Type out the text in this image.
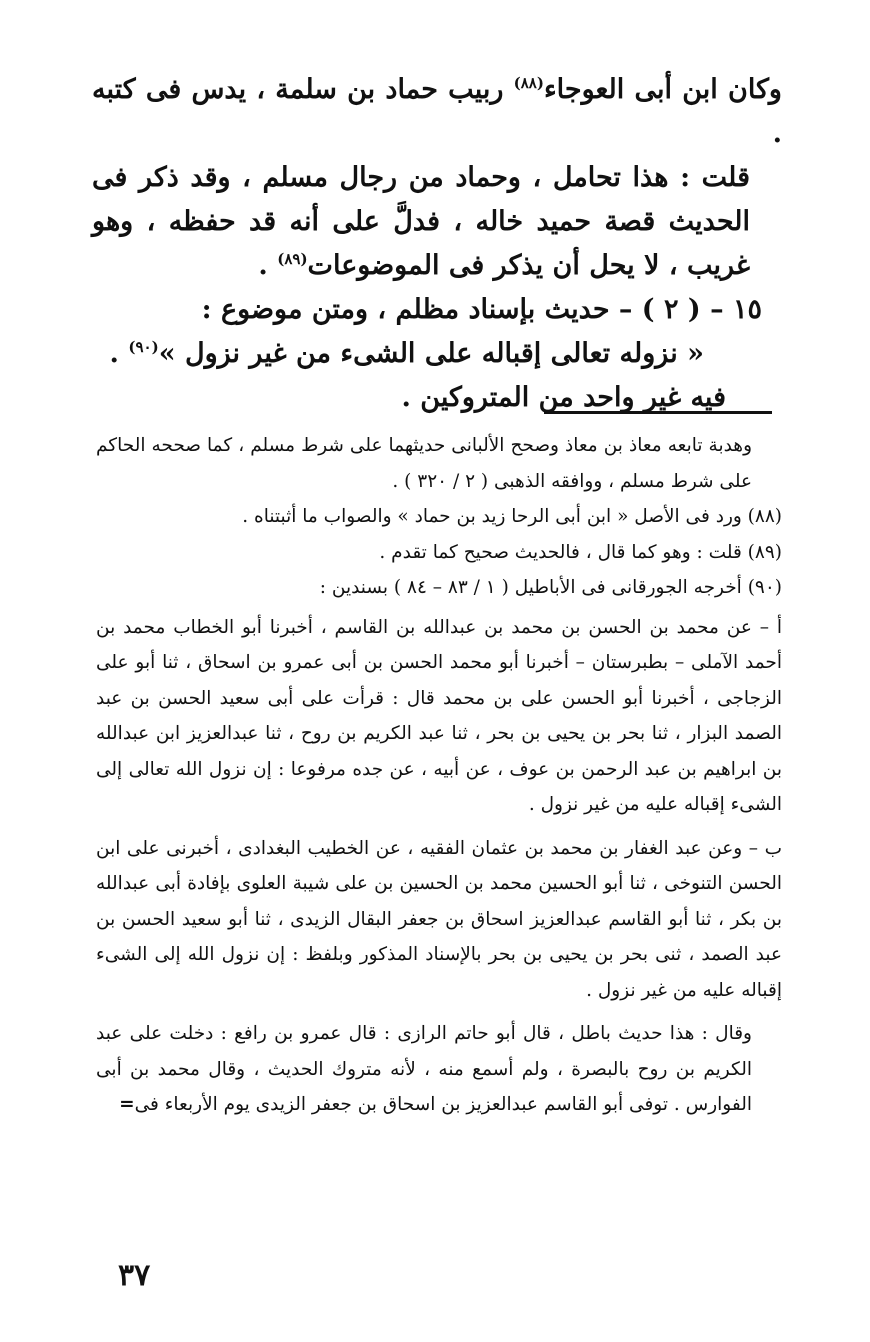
وكان ابن أبى العوجاء$^{(٨٨)}$ ربيب حماد بن سلمة ، يدس فى كتبه .

قلت : هذا تحامل ، وحماد من رجال مسلم ، وقد ذكر فى الحديث قصة حميد خاله ، فدلَّ على أنه قد حفظه ، وهو غريب ، لا يحل أن يذكر فى الموضوعات$^{(٨٩)}$ .

١٥ – ( ٢ ) – حديث بإسناد مظلم ، ومتن موضوع :

« نزوله تعالى إقباله على الشىء من غير نزول »$^{(٩٠)}$ .

فيه غير واحد من المتروكين .

وهدبة تابعه معاذ بن معاذ وصحح الألبانى حديثهما على شرط مسلم ، كما صححه الحاكم على شرط مسلم ، ووافقه الذهبى ( ٢ / ٣٢٠ ) .

(٨٨) ورد فى الأصل « ابن أبى الرحا زيد بن حماد » والصواب ما أثبتناه .

(٨٩) قلت : وهو كما قال ، فالحديث صحيح كما تقدم .

(٩٠) أخرجه الجورقانى فى الأباطيل ( ١ / ٨٣ – ٨٤ ) بسندين :

أ – عن محمد بن الحسن بن محمد بن عبدالله بن القاسم ، أخبرنا أبو الخطاب محمد بن أحمد الآملى – بطبرستان – أخبرنا أبو محمد الحسن بن أبى عمرو بن اسحاق ، ثنا أبو على الزجاجى ، أخبرنا أبو الحسن على بن محمد قال : قرأت على أبى سعيد الحسن بن عبد الصمد البزار ، ثنا بحر بن يحيى بن بحر ، ثنا عبد الكريم بن روح ، ثنا عبدالعزيز ابن عبدالله بن ابراهيم بن عبد الرحمن بن عوف ، عن أبيه ، عن جده مرفوعا : إن نزول الله تعالى إلى الشىء إقباله عليه من غير نزول .

ب – وعن عبد الغفار بن محمد بن عثمان الفقيه ، عن الخطيب البغدادى ، أخبرنى على ابن الحسن التنوخى ، ثنا أبو الحسين محمد بن الحسين بن على شيبة العلوى بإفادة أبى عبدالله بن بكر ، ثنا أبو القاسم عبدالعزيز اسحاق بن جعفر البقال الزيدى ، ثنا أبو سعيد الحسن بن عبد الصمد ، ثنى بحر بن يحيى بن بحر بالإسناد المذكور وبلفظ : إن نزول الله إلى الشىء إقباله عليه من غير نزول .

وقال : هذا حديث باطل ، قال أبو حاتم الرازى : قال عمرو بن رافع : دخلت على عبد الكريم بن روح بالبصرة ، ولم أسمع منه ، لأنه متروك الحديث ، وقال محمد بن أبى الفوارس . توفى أبو القاسم عبدالعزيز بن اسحاق بن جعفر الزيدى يوم الأربعاء فى=

٣٧
